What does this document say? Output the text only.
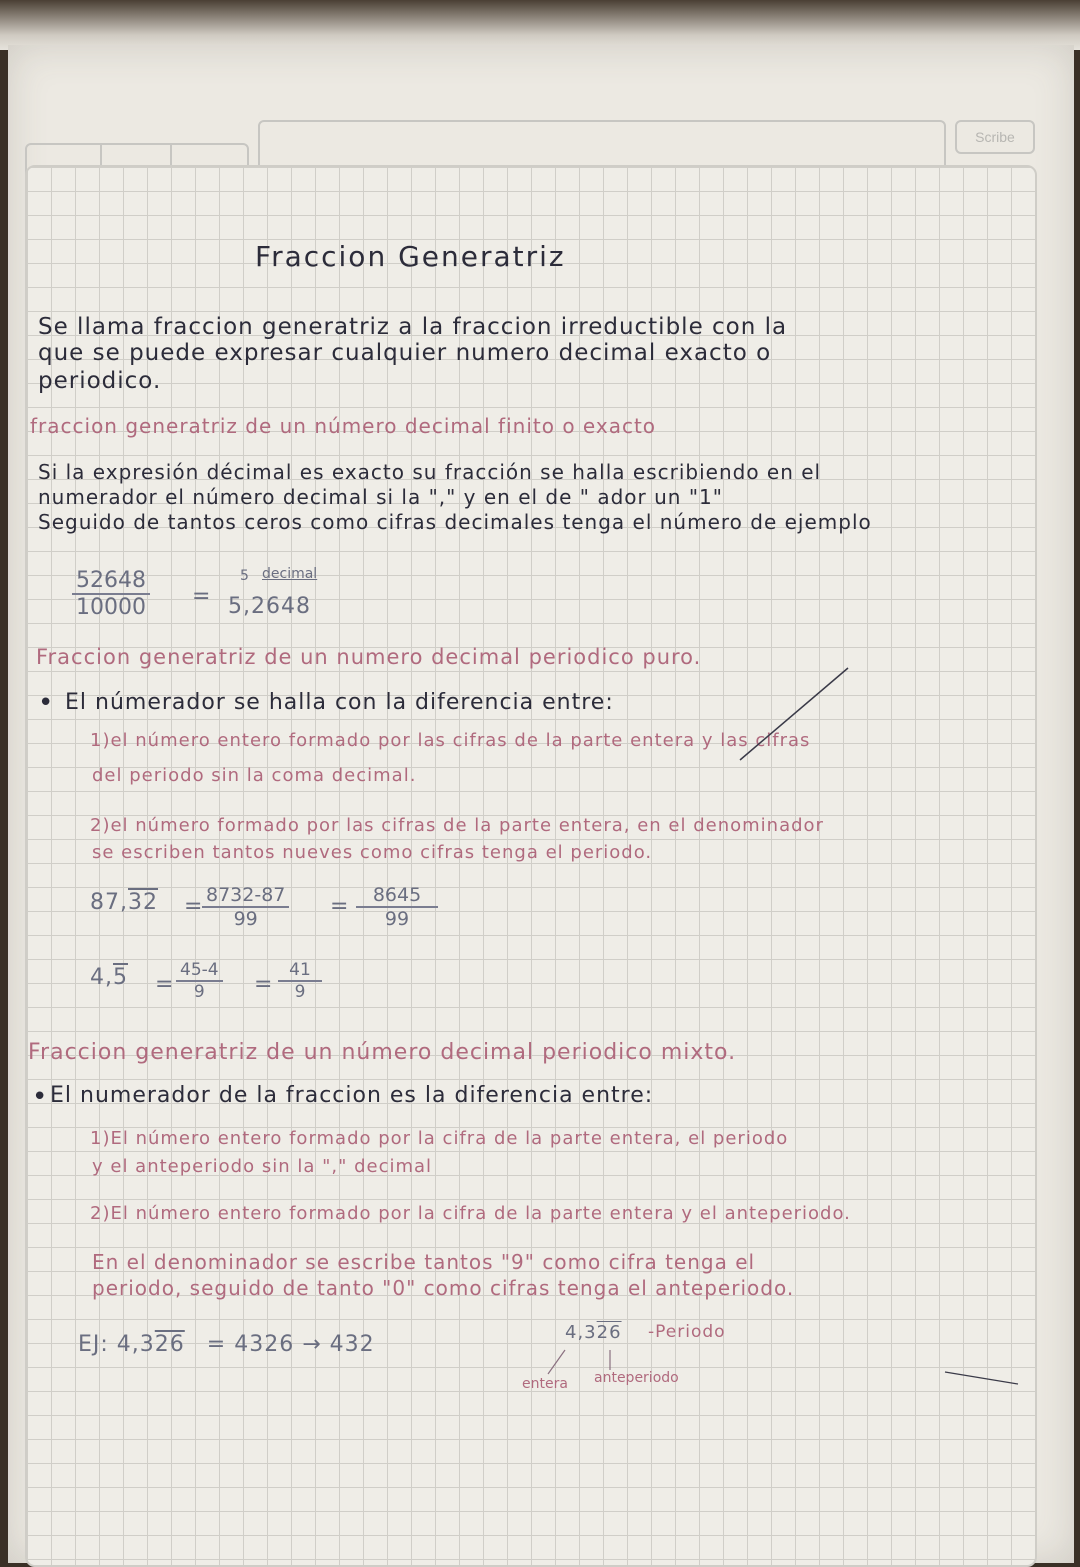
Scribe
Fraccion Generatriz
Se llama fraccion generatriz a la fraccion irreductible con la
que se puede expresar cualquier numero decimal exacto o
periodico.
fraccion generatriz de un número decimal finito o exacto
Si la expresión décimal es exacto su fracción se halla escribiendo en el
numerador el número decimal si la "," y en el de " ador un "1"
Seguido de tantos ceros como cifras decimales tenga el número de ejemplo
$\frac{52648}{10000}$ =
5 decimal
5,2648
Fraccion generatriz de un numero decimal periodico puro.
• El númerador se halla con la diferencia entre:
1)el número entero formado por las cifras de la parte entera y las cifras
del periodo sin la coma decimal.
2)el número formado por las cifras de la parte entera, en el denominador
se escriben tantos nueves como cifras tenga el periodo.
87,32 =
$\frac{8732-87}{99} = \frac{8645}{99}$
$4,5 = \frac{45-4}{9} = \frac{41}{9}$
Fraccion generatriz de un número decimal periodico mixto.
• El numerador de la fraccion es la diferencia entre:
1)El número entero formado por la cifra de la parte entera, el periodo
y el anteperiodo sin la "," decimal
2)El número entero formado por la cifra de la parte entera y el anteperiodo.
En el denominador se escribe tantos "9" como cifra tenga el
periodo, seguido de tanto "0" como cifras tenga el anteperiodo.
EJ: 4,326 = 4326 → 432	4,326 -Periodo
entera anteperiodo
